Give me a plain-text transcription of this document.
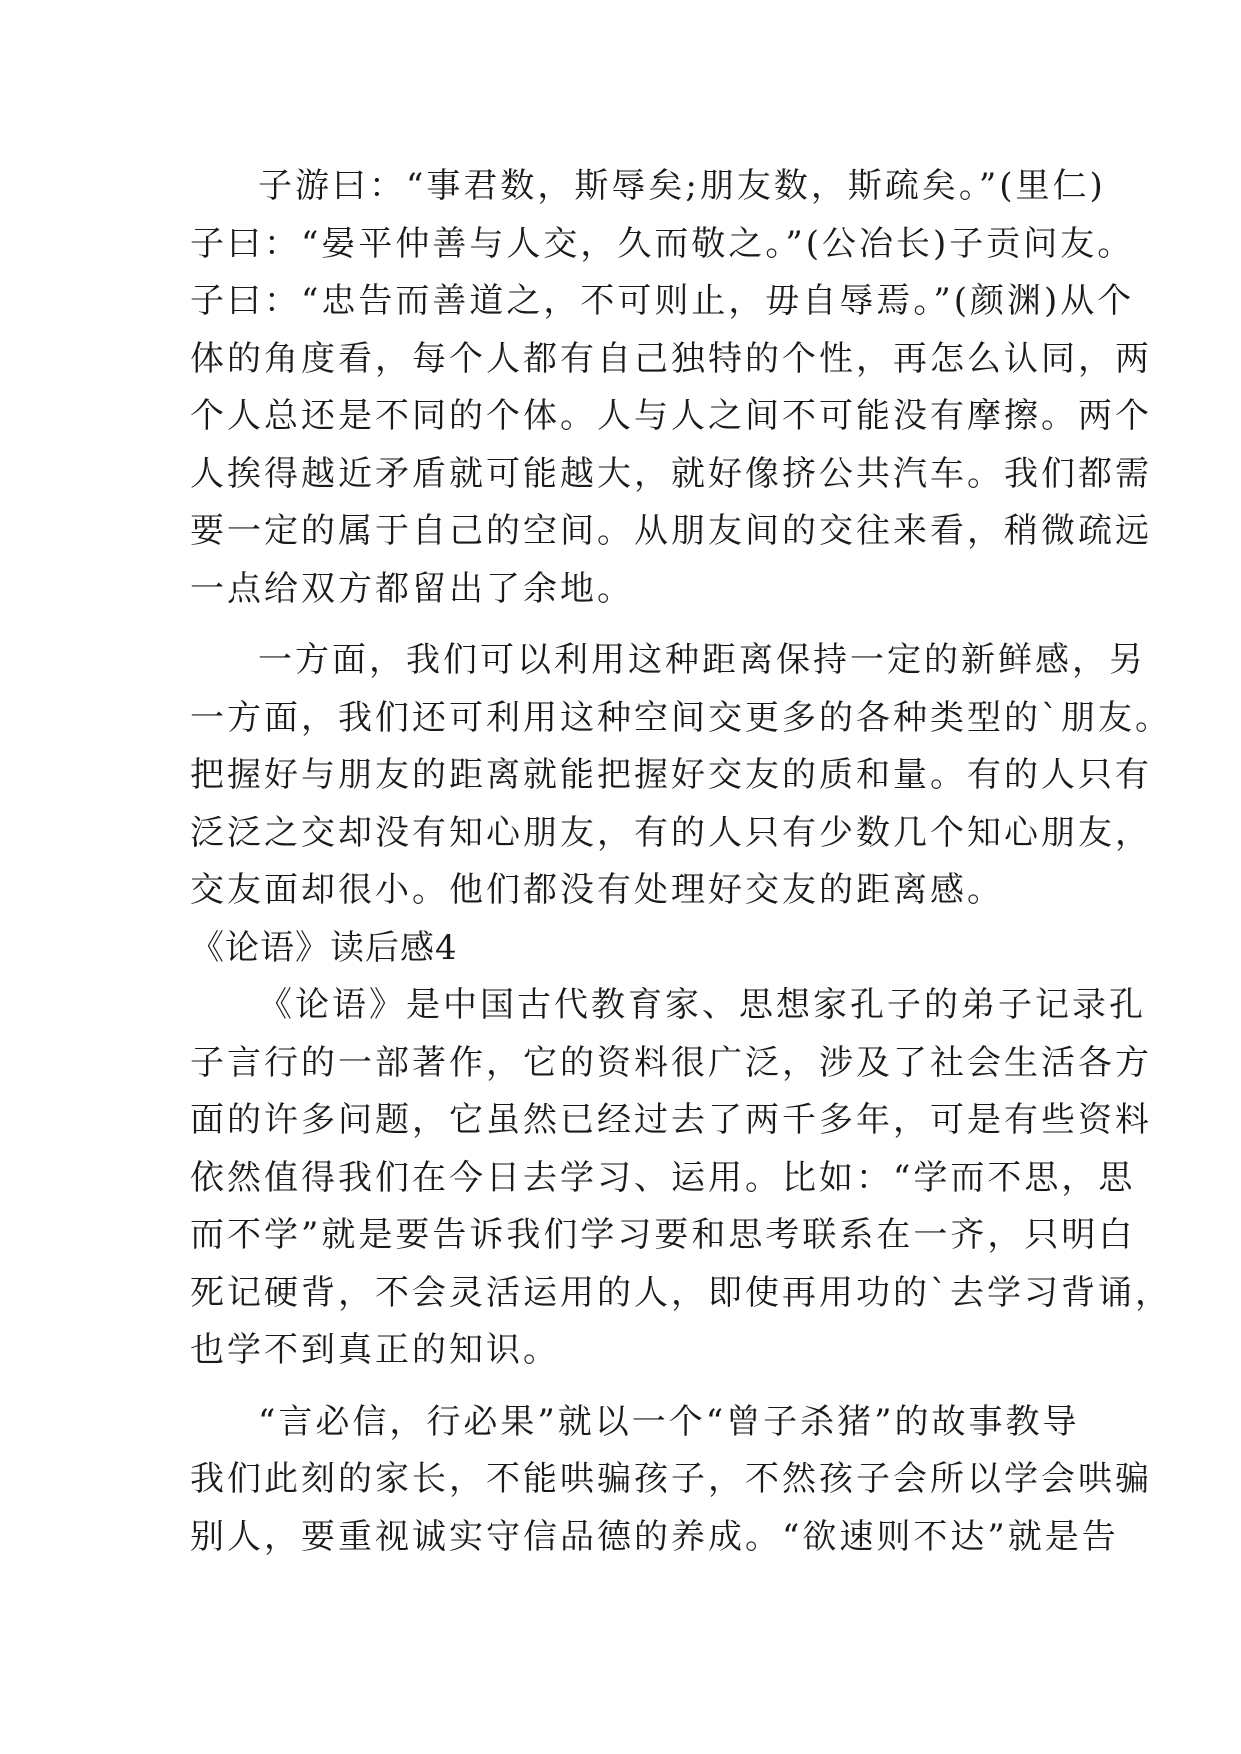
子游曰：“事君数，斯辱矣;朋友数，斯疏矣。”(里仁)
子曰：“晏平仲善与人交，久而敬之。”(公冶长)子贡问友。
子曰：“忠告而善道之，不可则止，毋自辱焉。”(颜渊)从个
体的角度看，每个人都有自己独特的个性，再怎么认同，两
个人总还是不同的个体。人与人之间不可能没有摩擦。两个
人挨得越近矛盾就可能越大，就好像挤公共汽车。我们都需
要一定的属于自己的空间。从朋友间的交往来看，稍微疏远
一点给双方都留出了余地。
一方面，我们可以利用这种距离保持一定的新鲜感，另
一方面，我们还可利用这种空间交更多的各种类型的`朋友。
把握好与朋友的距离就能把握好交友的质和量。有的人只有
泛泛之交却没有知心朋友，有的人只有少数几个知心朋友，
交友面却很小。他们都没有处理好交友的距离感。
《论语》读后感4
《论语》是中国古代教育家、思想家孔子的弟子记录孔
子言行的一部著作，它的资料很广泛，涉及了社会生活各方
面的许多问题，它虽然已经过去了两千多年，可是有些资料
依然值得我们在今日去学习、运用。比如：“学而不思，思
而不学”就是要告诉我们学习要和思考联系在一齐，只明白
死记硬背，不会灵活运用的人，即使再用功的`去学习背诵，
也学不到真正的知识。
“言必信，行必果”就以一个“曾子杀猪”的故事教导
我们此刻的家长，不能哄骗孩子，不然孩子会所以学会哄骗
别人，要重视诚实守信品德的养成。“欲速则不达”就是告
